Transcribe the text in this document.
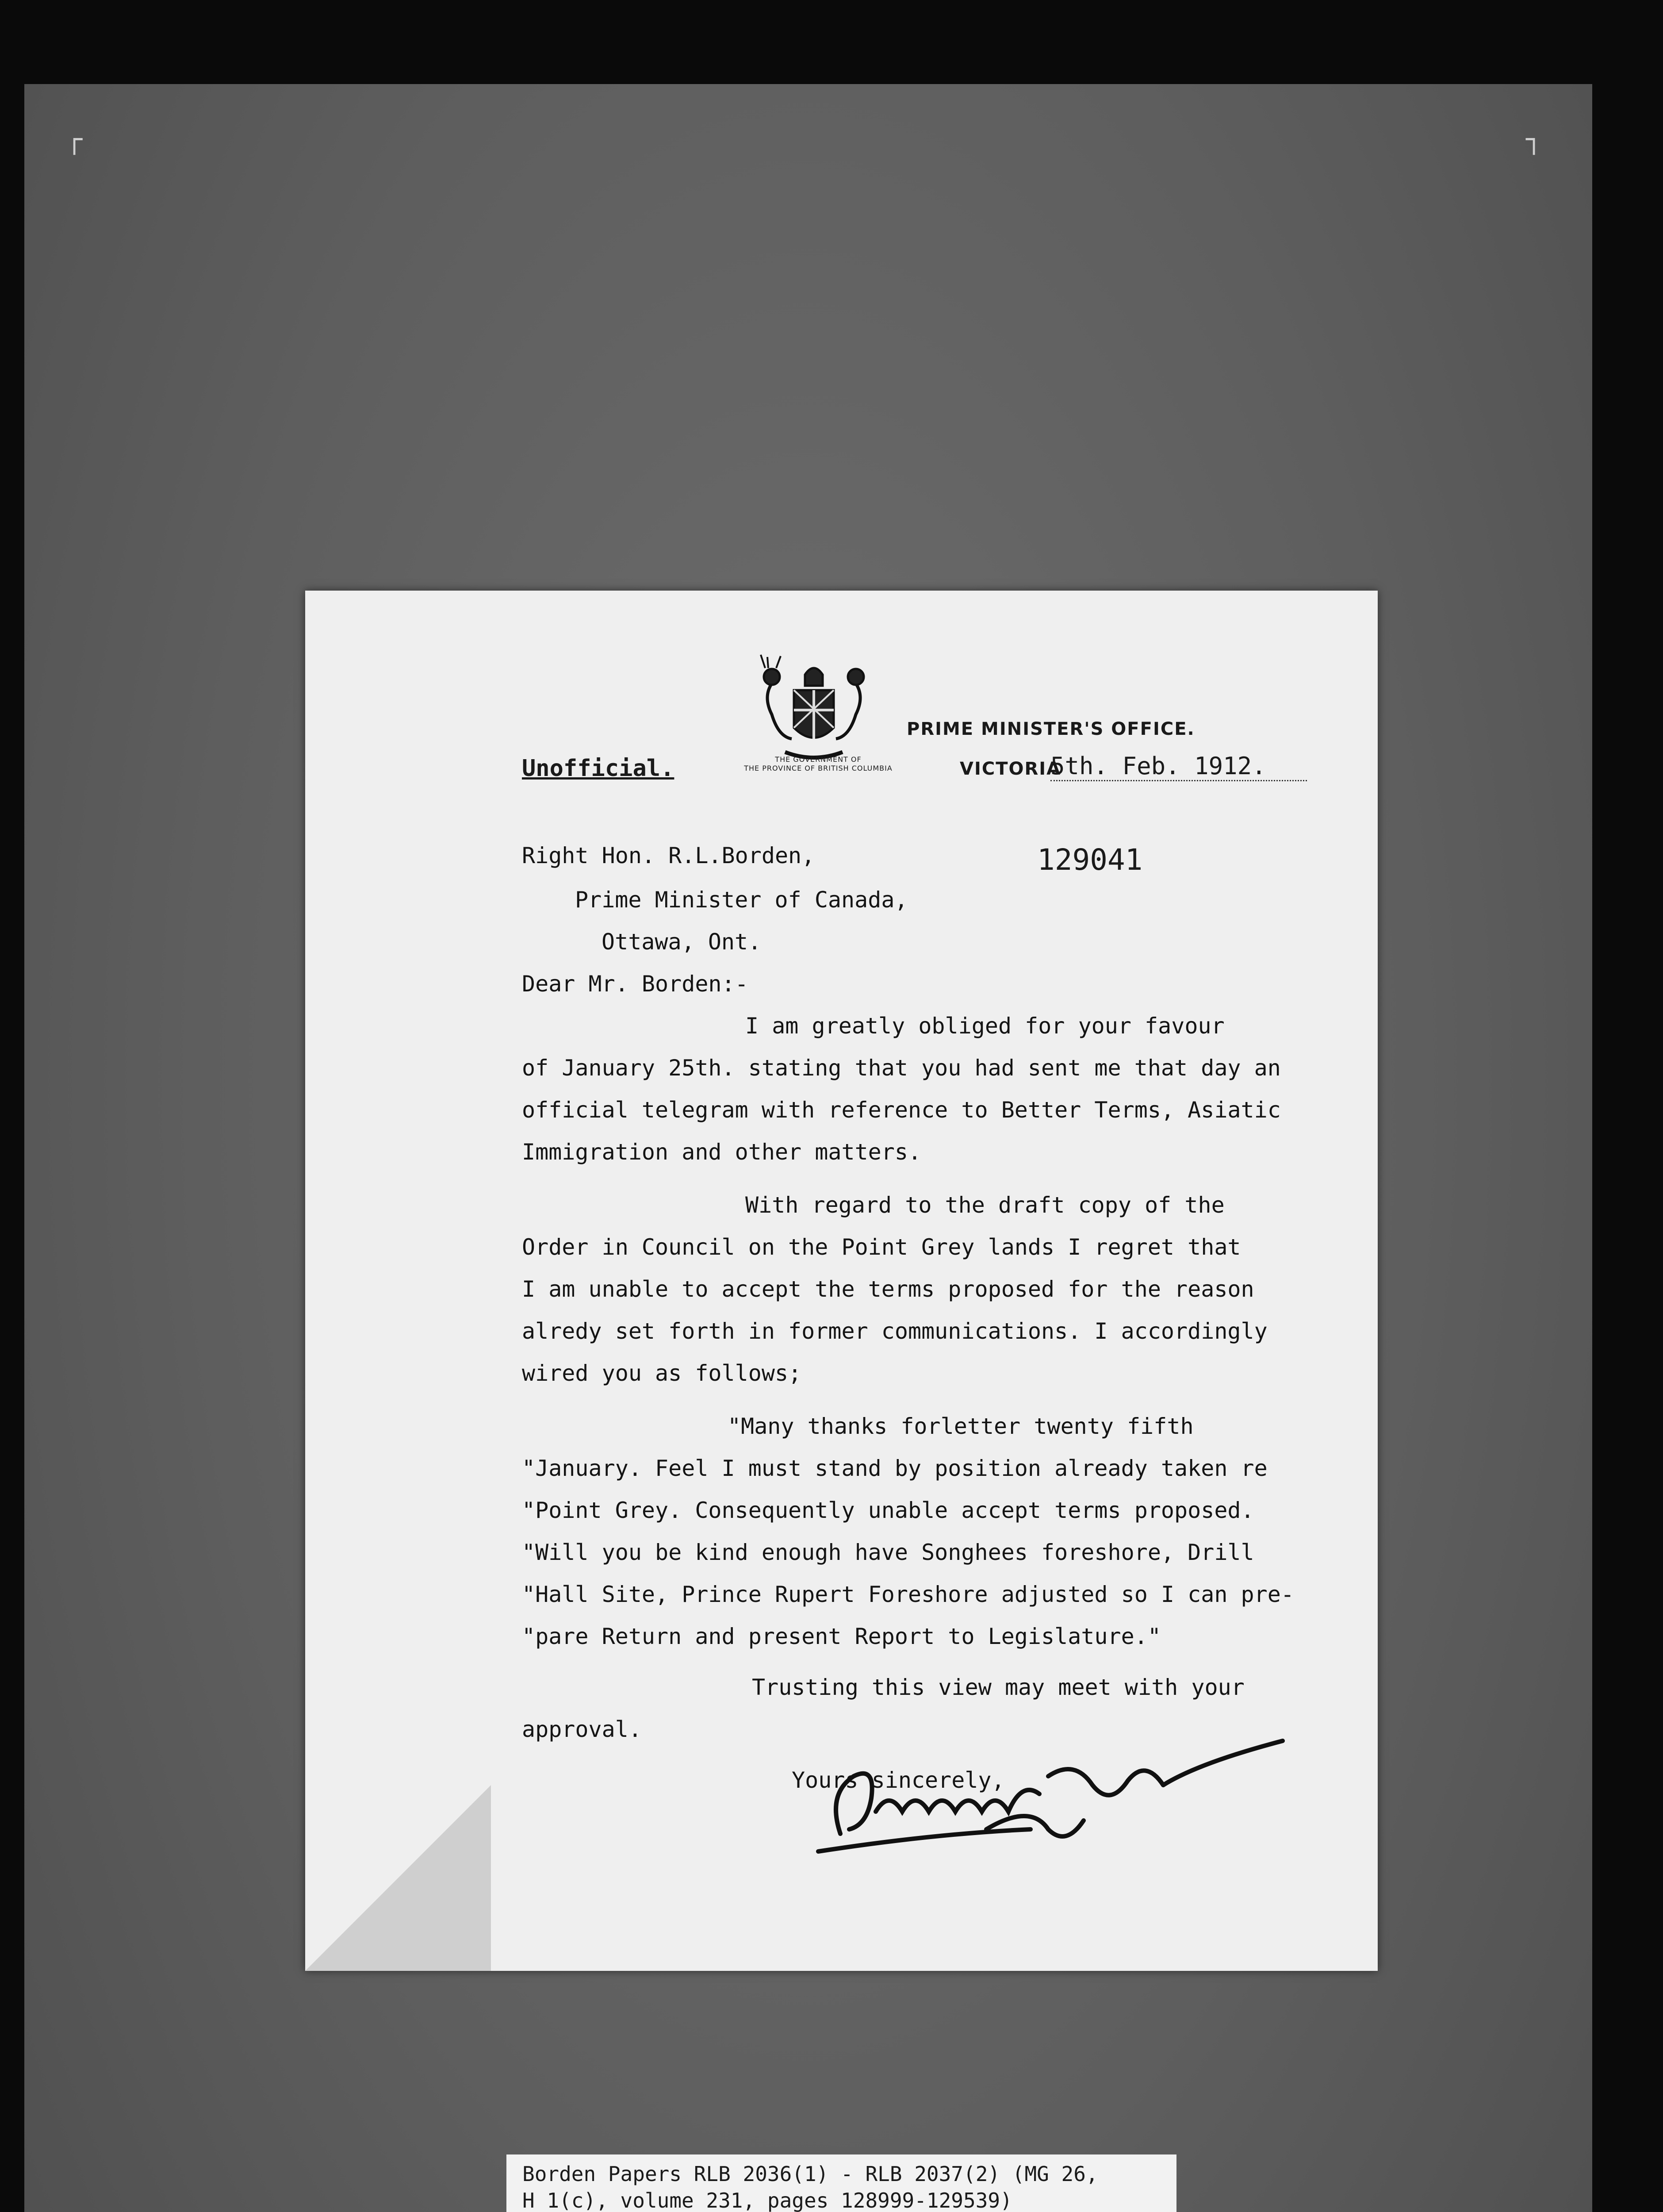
┌	┐
THE GOVERNMENT OF
THE PROVINCE OF BRITISH COLUMBIA
PRIME MINISTER'S OFFICE.
Unofficial.	VICTORIA
5th. Feb. 1912.

Right Hon. R.L.Borden,	129041

Prime Minister of Canada,

Ottawa, Ont.

Dear Mr. Borden:-

I am greatly obliged for your favour

of January 25th. stating that you had sent me that day an

official telegram with reference to Better Terms, Asiatic

Immigration and other matters.

With regard to the draft copy of the

Order in Council on the Point Grey lands I regret that

I am unable to accept the terms proposed for the reason

alredy set forth in former communications. I accordingly

wired you as follows;

"Many thanks forletter twenty fifth

"January. Feel I must stand by position already taken re

"Point Grey. Consequently unable accept terms proposed.

"Will you be kind enough have Songhees foreshore, Drill

"Hall Site, Prince Rupert Foreshore adjusted so I can pre-

"pare Return and present Report to Legislature."

Trusting this view may meet with your

approval.

Yours sincerely,

Borden Papers RLB 2036(1) - RLB 2037(2) (MG 26,
H 1(c), volume 231, pages 128999-129539)
